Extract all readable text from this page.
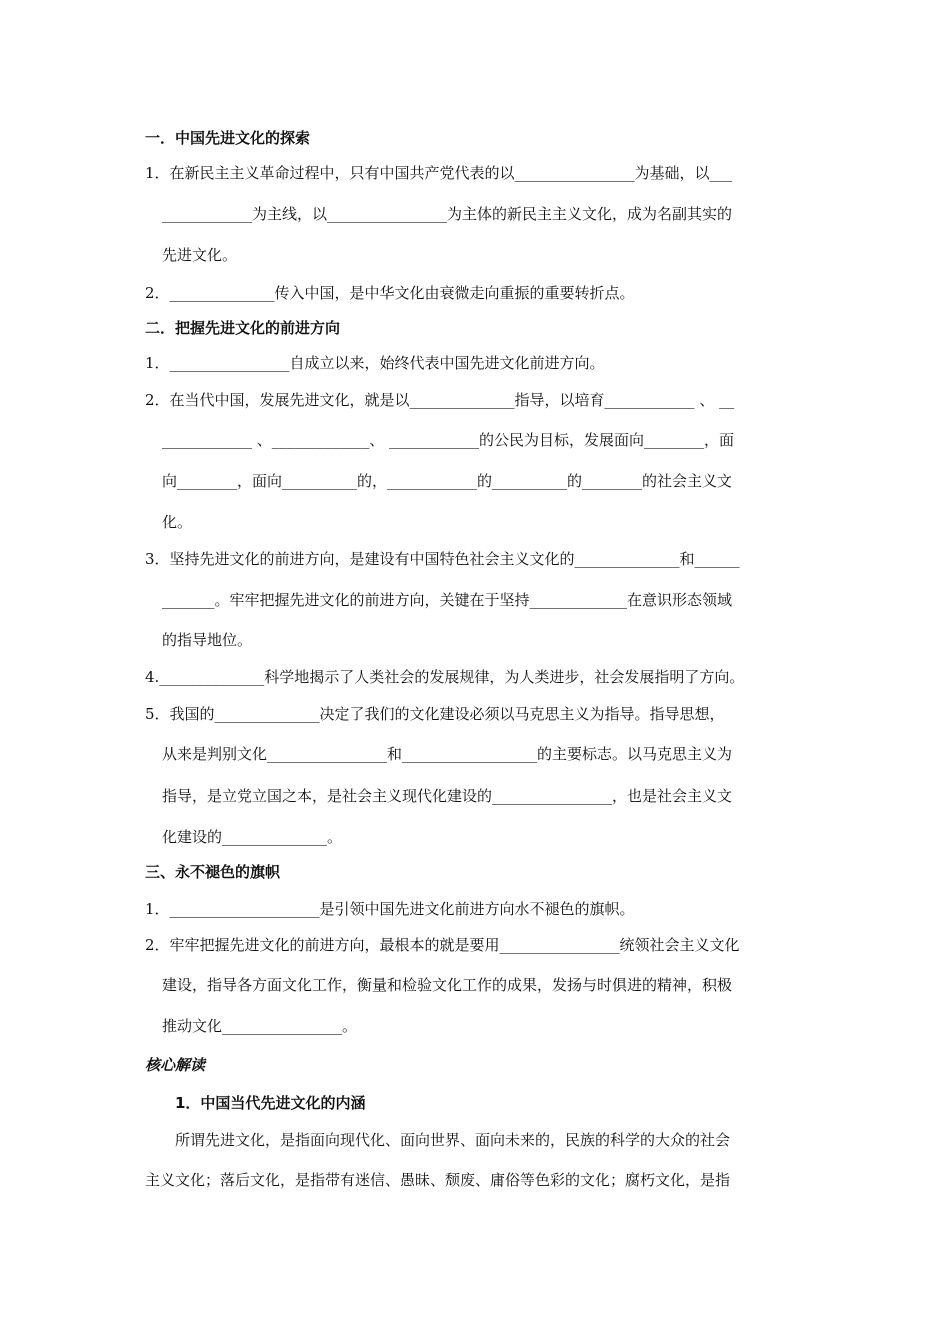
一．中国先进文化的探索
1．在新民主主义革命过程中，只有中国共产党代表的以________________为基础，以___
____________为主线，以________________为主体的新民主主义文化，成为名副其实的
先进文化。
2．______________传入中国，是中华文化由衰微走向重振的重要转折点。
二．把握先进文化的前进方向
1．________________自成立以来，始终代表中国先进文化前进方向。
2．在当代中国，发展先进文化，就是以______________指导，以培育____________ 、 __
____________ 、_____________、 ____________的公民为目标，发展面向________，面
向________，面向__________的，____________的__________的________的社会主义文
化。
3．坚持先进文化的前进方向，是建设有中国特色社会主义文化的______________和______
_______。牢牢把握先进文化的前进方向，关键在于坚持_____________在意识形态领域
的指导地位。
4.______________科学地揭示了人类社会的发展规律，为人类进步，社会发展指明了方向。
5．我国的______________决定了我们的文化建设必须以马克思主义为指导。指导思想，
从来是判别文化________________和__________________的主要标志。以马克思主义为
指导，是立党立国之本，是社会主义现代化建设的________________，也是社会主义文
化建设的______________。
三、永不褪色的旗帜
1．____________________是引领中国先进文化前进方向水不褪色的旗帜。
2．牢牢把握先进文化的前进方向，最根本的就是要用________________统领社会主义文化
建设，指导各方面文化工作，衡量和检验文化工作的成果，发扬与时俱进的精神，积极
推动文化________________。
核心解读
1．中国当代先进文化的内涵
所谓先进文化，是指面向现代化、面向世界、面向未来的，民族的科学的大众的社会
主义文化；落后文化，是指带有迷信、愚昧、颓废、庸俗等色彩的文化；腐朽文化，是指
